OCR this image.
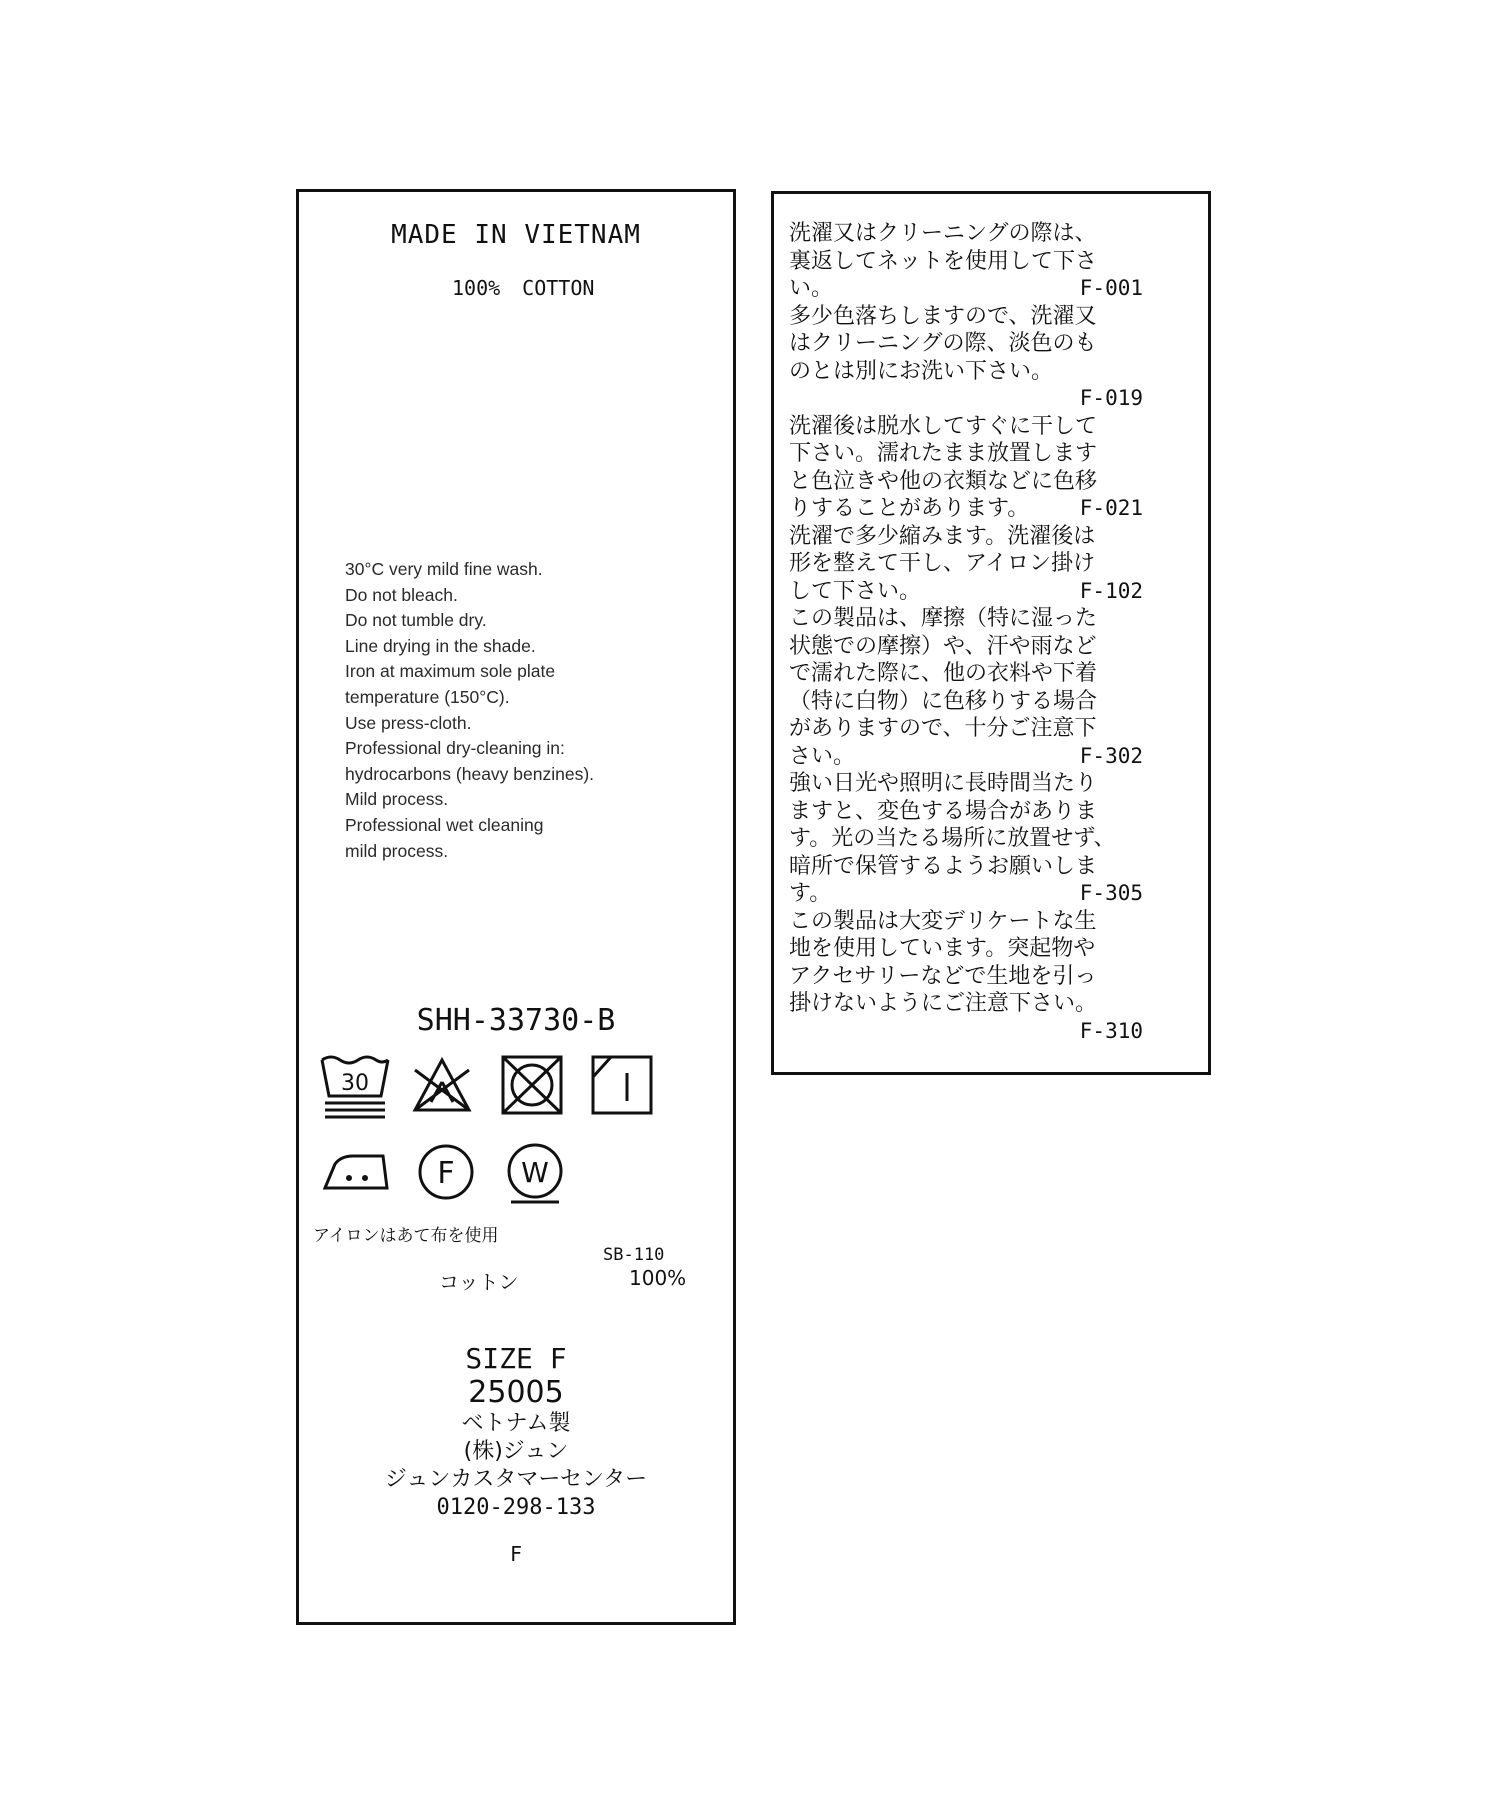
MADE IN VIETNAM
100% COTTON
30°C very mild fine wash.
Do not bleach.
Do not tumble dry.
Line drying in the shade.
Iron at maximum sole plate
temperature (150°C).
Use press-cloth.
Professional dry-cleaning in:
hydrocarbons (heavy benzines).
Mild process.
Professional wet cleaning
mild process.
SHH-33730-B
30
F W
アイロンはあて布を使用
SB-110
コットン	100%
SIZE F
25005
ベトナム製
(株)ジュン
ジュンカスタマーセンター
0120-298-133
F
洗濯又はクリーニングの際は、
裏返してネットを使用して下さ
い。	F-001
多少色落ちしますので、洗濯又
はクリーニングの際、淡色のも
のとは別にお洗い下さい。
F-019
洗濯後は脱水してすぐに干して
下さい。濡れたまま放置します
と色泣きや他の衣類などに色移
りすることがあります。 F-021
洗濯で多少縮みます。洗濯後は
形を整えて干し、アイロン掛け
して下さい。	F-102
この製品は、摩擦（特に湿った
状態での摩擦）や、汗や雨など
で濡れた際に、他の衣料や下着
（特に白物）に色移りする場合
がありますので、十分ご注意下
さい。	F-302
強い日光や照明に長時間当たり
ますと、変色する場合がありま
す。光の当たる場所に放置せず、
暗所で保管するようお願いしま
す。	F-305
この製品は大変デリケートな生
地を使用しています。突起物や
アクセサリーなどで生地を引っ
掛けないようにご注意下さい。
F-310
